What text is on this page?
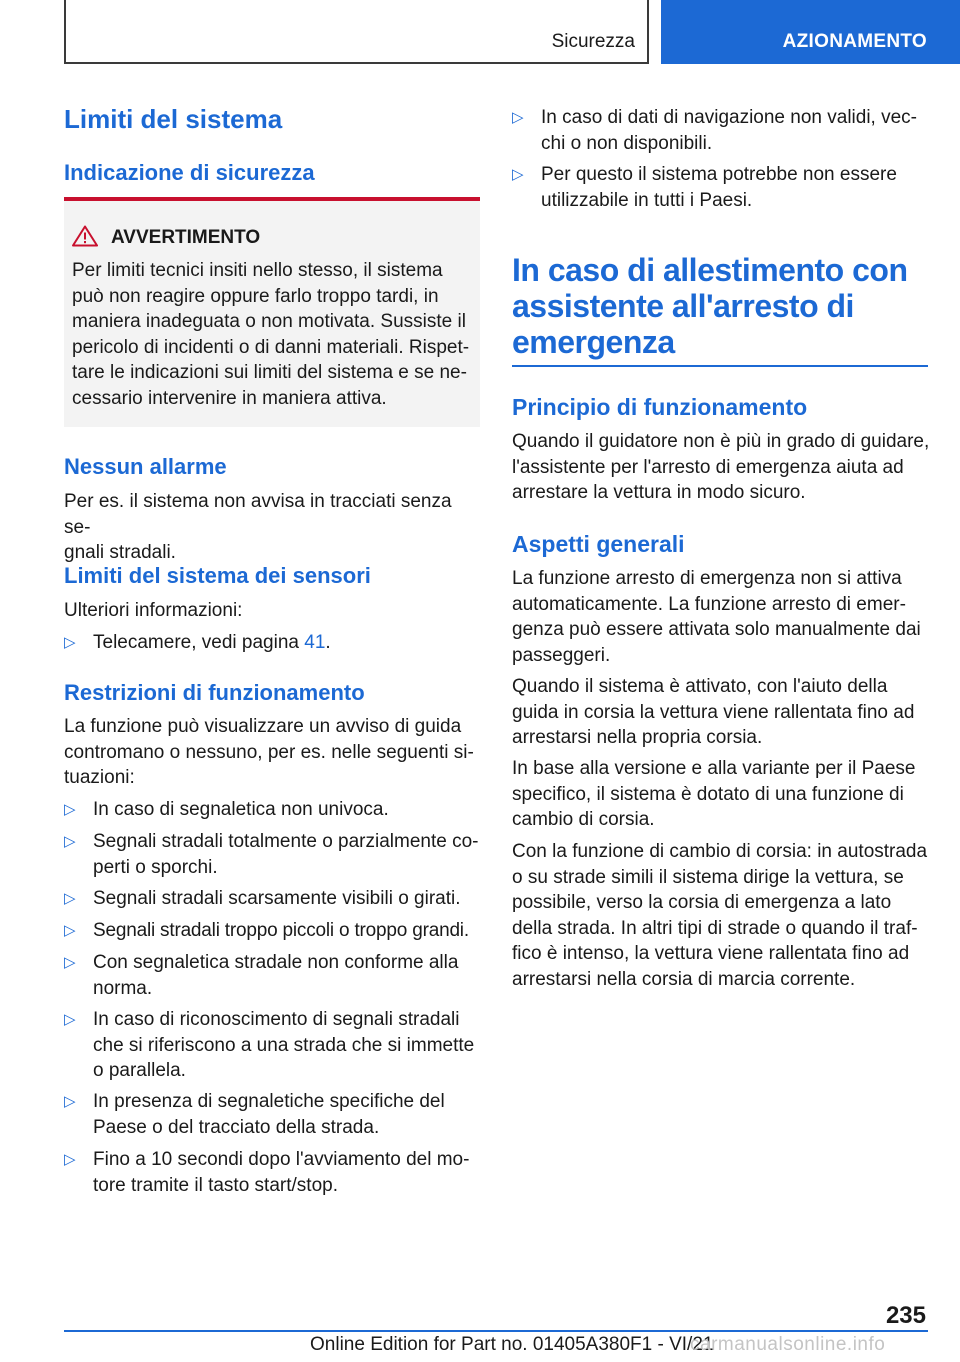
Sicurezza	AZIONAMENTO
Limiti del sistema
Indicazione di sicurezza
AVVERTIMENTO
Per limiti tecnici insiti nello stesso, il sistema
può non reagire oppure farlo troppo tardi, in
maniera inadeguata o non motivata. Sussiste il
pericolo di incidenti o di danni materiali. Rispet-
tare le indicazioni sui limiti del sistema e se ne-
cessario intervenire in maniera attiva.
Nessun allarme
Per es. il sistema non avvisa in tracciati senza se-
gnali stradali.
Limiti del sistema dei sensori
Ulteriori informazioni:
▷ Telecamere, vedi pagina 41.
Restrizioni di funzionamento
La funzione può visualizzare un avviso di guida
contromano o nessuno, per es. nelle seguenti si-
tuazioni:
▷ In caso di segnaletica non univoca.
▷ Segnali stradali totalmente o parzialmente co-
perti o sporchi.
▷ Segnali stradali scarsamente visibili o girati.
▷ Segnali stradali troppo piccoli o troppo grandi.
▷ Con segnaletica stradale non conforme alla
norma.
▷ In caso di riconoscimento di segnali stradali
che si riferiscono a una strada che si immette
o parallela.
▷ In presenza di segnaletiche specifiche del
Paese o del tracciato della strada.
▷ Fino a 10 secondi dopo l'avviamento del mo-
tore tramite il tasto start/stop.
▷ In caso di dati di navigazione non validi, vec-
chi o non disponibili.
▷ Per questo il sistema potrebbe non essere
utilizzabile in tutti i Paesi.
In caso di allestimento con
assistente all'arresto di
emergenza
Principio di funzionamento
Quando il guidatore non è più in grado di guidare,
l'assistente per l'arresto di emergenza aiuta ad
arrestare la vettura in modo sicuro.
Aspetti generali
La funzione arresto di emergenza non si attiva
automaticamente. La funzione arresto di emer-
genza può essere attivata solo manualmente dai
passeggeri.
Quando il sistema è attivato, con l'aiuto della
guida in corsia la vettura viene rallentata fino ad
arrestarsi nella propria corsia.
In base alla versione e alla variante per il Paese
specifico, il sistema è dotato di una funzione di
cambio di corsia.
Con la funzione di cambio di corsia: in autostrada
o su strade simili il sistema dirige la vettura, se
possibile, verso la corsia di emergenza a lato
della strada. In altri tipi di strade o quando il traf-
fico è intenso, la vettura viene rallentata fino ad
arrestarsi nella corsia di marcia corrente.
235
Online Edition for Part no. 01405A380F1 - VI/21
carmanualsonline.info
